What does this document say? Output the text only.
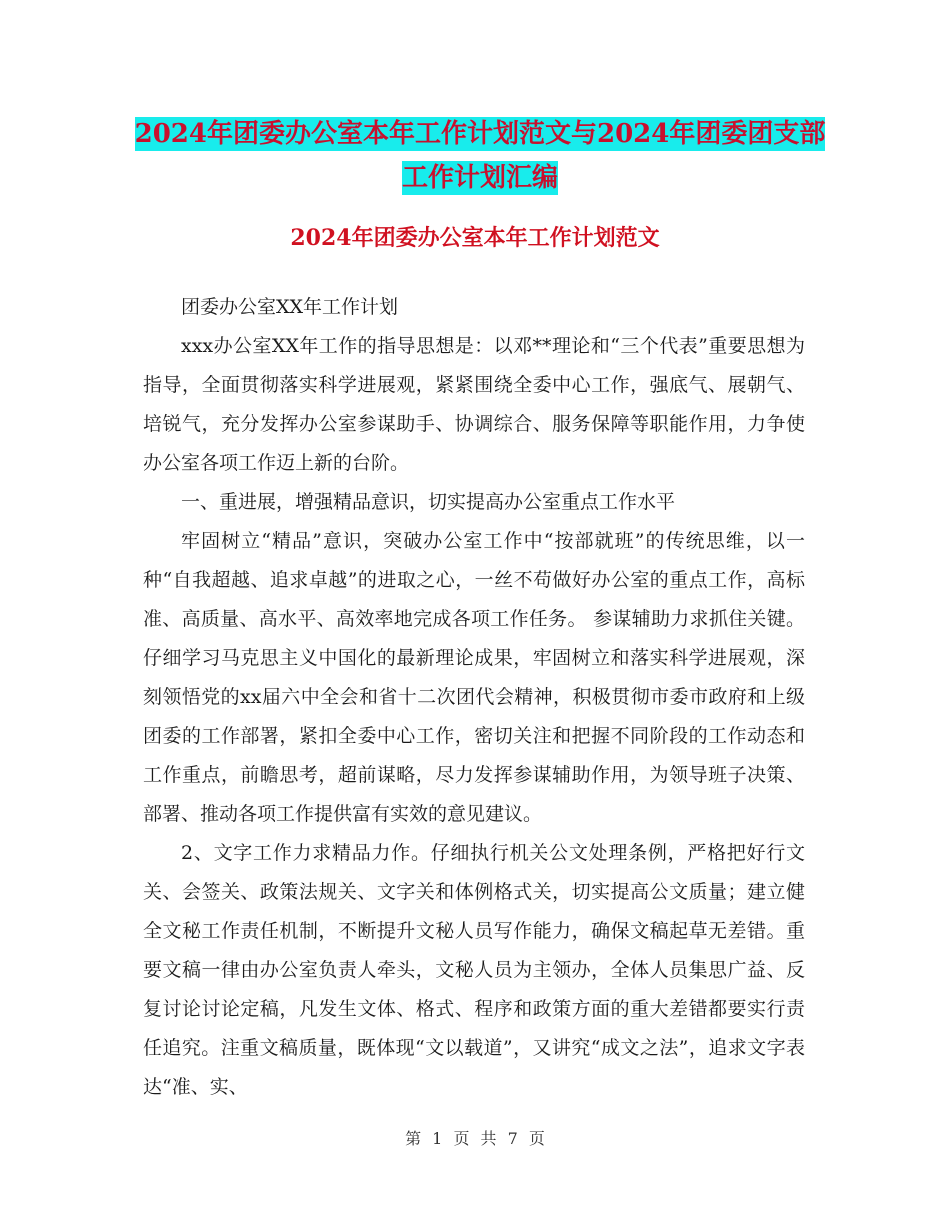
2024年团委办公室本年工作计划范文与2024年团委团支部工作计划汇编
2024年团委办公室本年工作计划范文

团委办公室XX年工作计划

xxx办公室XX年工作的指导思想是：以邓**理论和“三个代表”重要思想为指导，全面贯彻落实科学进展观，紧紧围绕全委中心工作，强底气、展朝气、培锐气，充分发挥办公室参谋助手、协调综合、服务保障等职能作用，力争使办公室各项工作迈上新的台阶。

一、重进展，增强精品意识，切实提高办公室重点工作水平

牢固树立“精品”意识，突破办公室工作中“按部就班”的传统思维，以一种“自我超越、追求卓越”的进取之心，一丝不苟做好办公室的重点工作，高标准、高质量、高水平、高效率地完成各项工作任务。 参谋辅助力求抓住关键。仔细学习马克思主义中国化的最新理论成果，牢固树立和落实科学进展观，深刻领悟党的xx届六中全会和省十二次团代会精神，积极贯彻市委市政府和上级团委的工作部署，紧扣全委中心工作，密切关注和把握不同阶段的工作动态和工作重点，前瞻思考，超前谋略，尽力发挥参谋辅助作用，为领导班子决策、部署、推动各项工作提供富有实效的意见建议。

2、文字工作力求精品力作。仔细执行机关公文处理条例，严格把好行文关、会签关、政策法规关、文字关和体例格式关，切实提高公文质量；建立健全文秘工作责任机制，不断提升文秘人员写作能力，确保文稿起草无差错。重要文稿一律由办公室负责人牵头，文秘人员为主领办，全体人员集思广益、反复讨论讨论定稿，凡发生文体、格式、程序和政策方面的重大差错都要实行责任追究。注重文稿质量，既体现“文以载道”，又讲究“成文之法”，追求文字表达“准、实、

第 1 页 共 7 页
